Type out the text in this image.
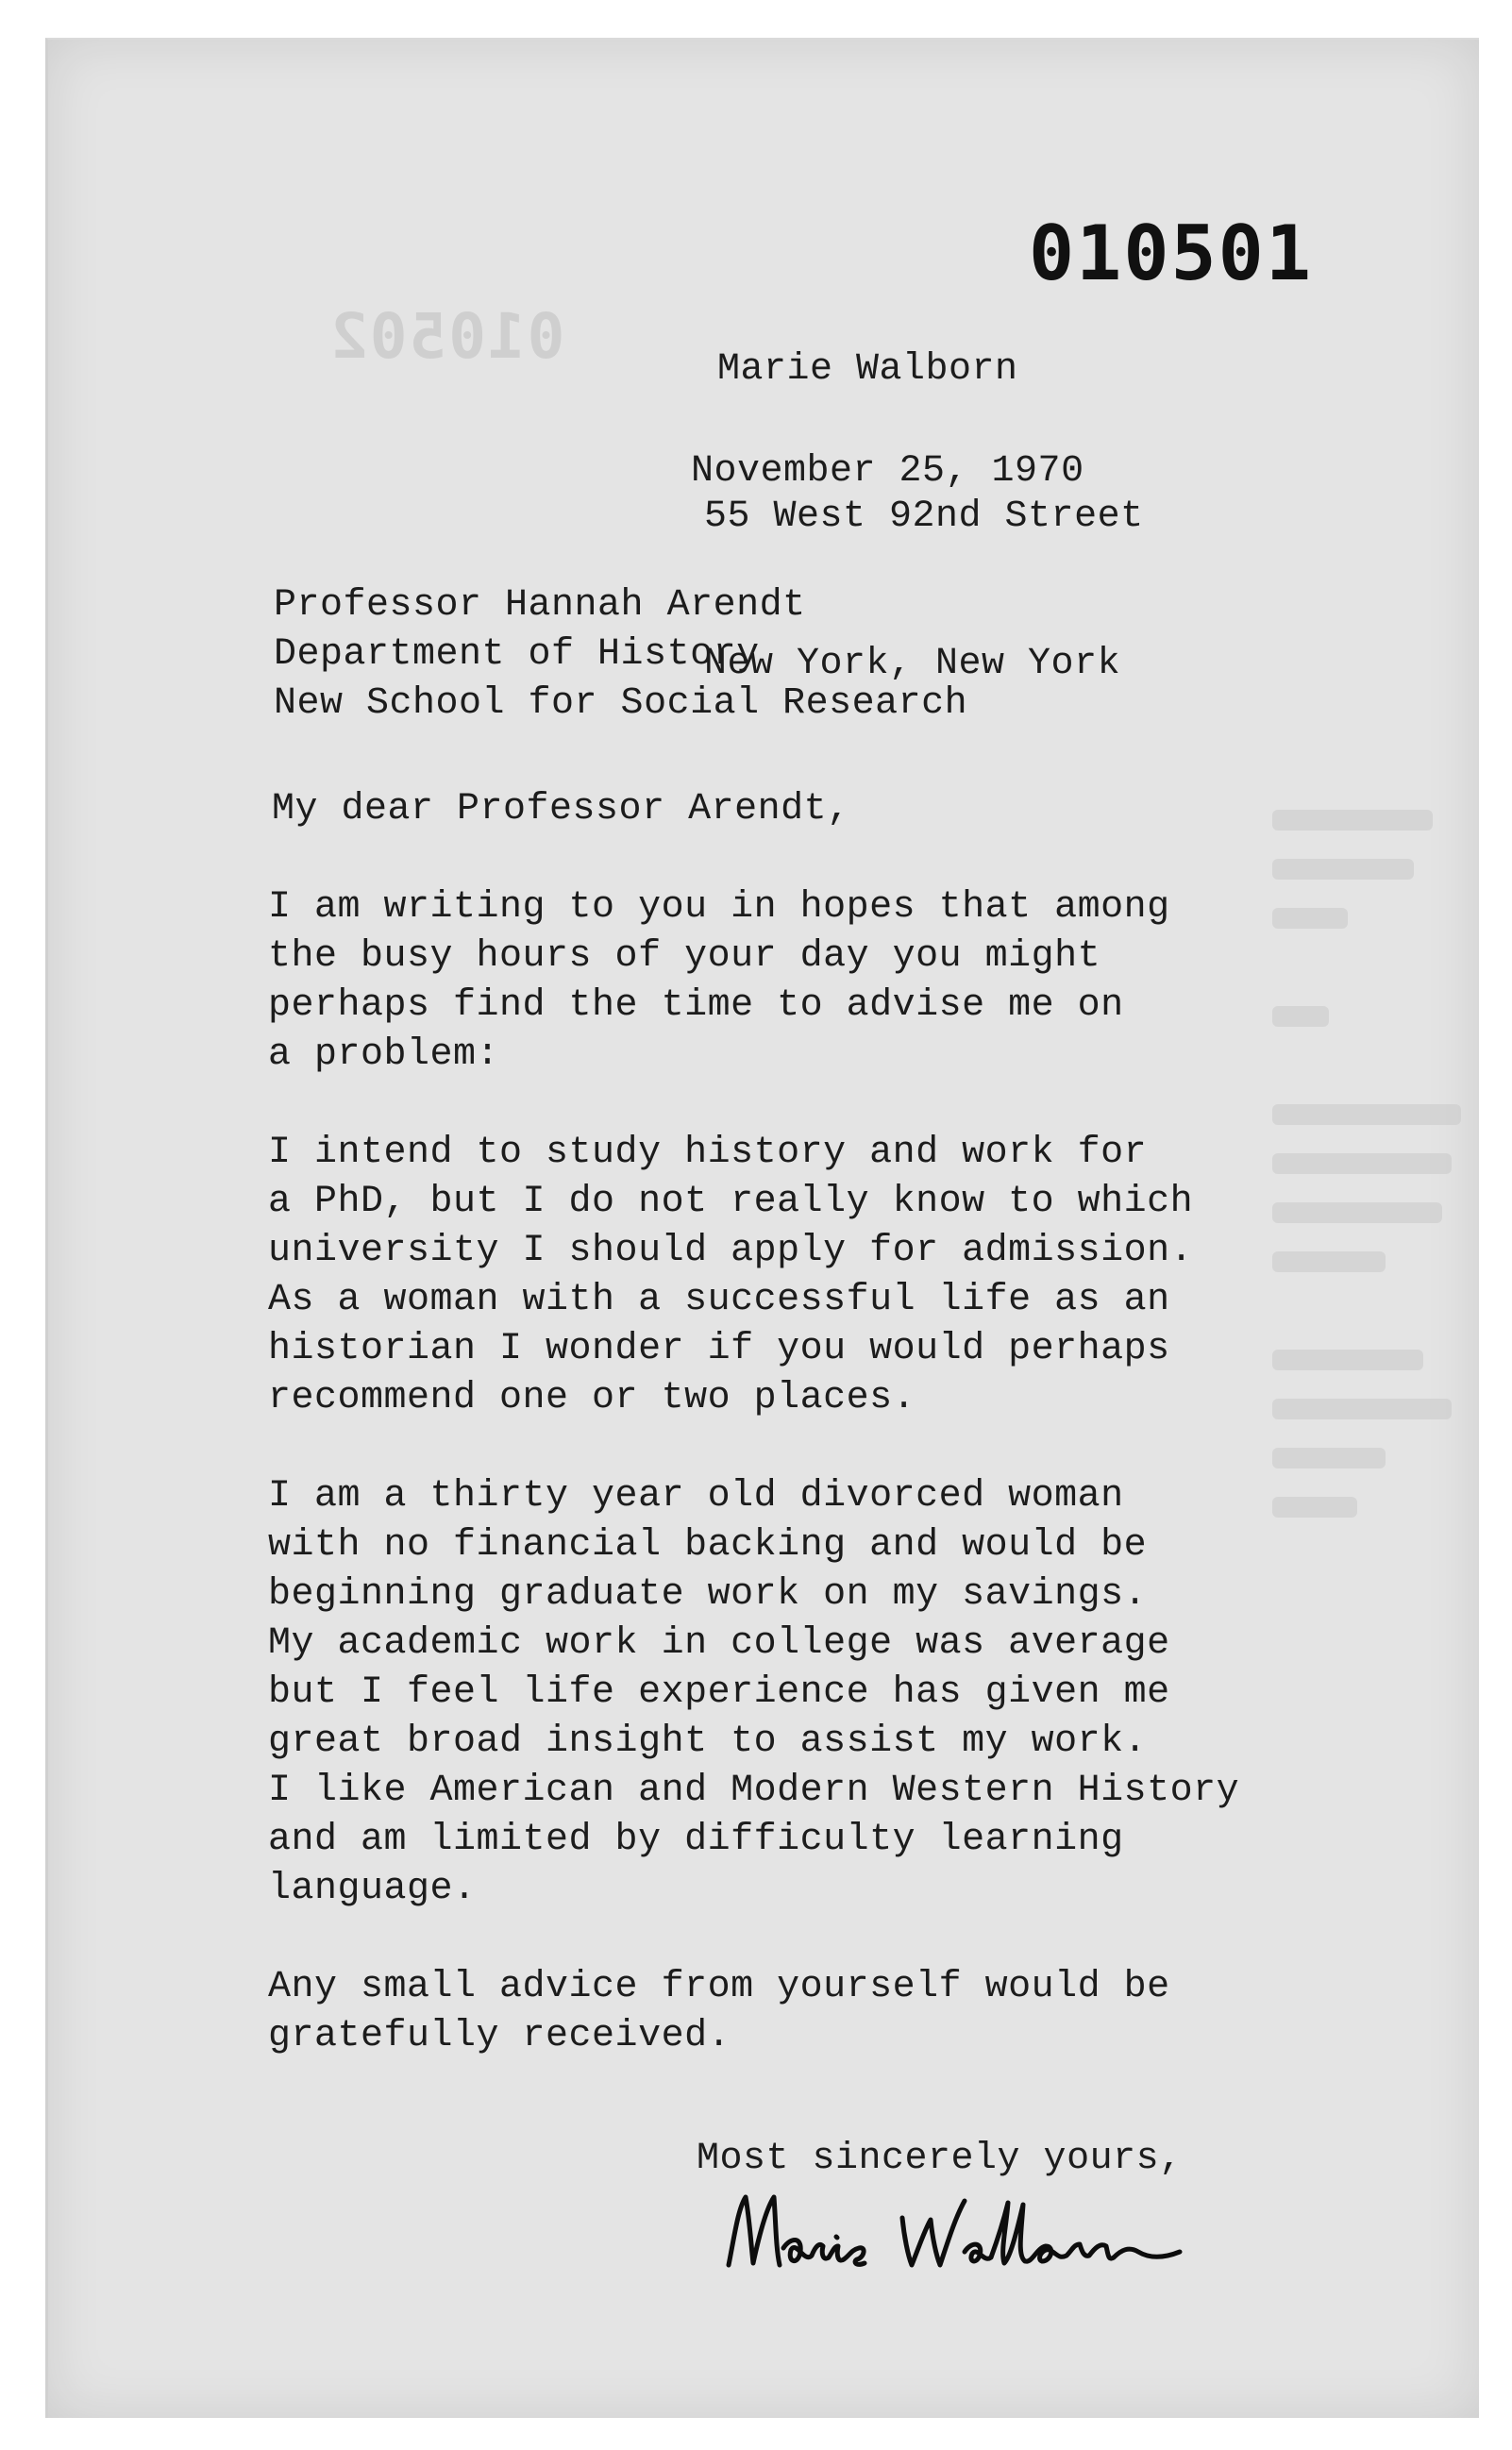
010502
010501

Marie Walborn

55 West 92nd Street

New York, New York

November 25, 1970
Professor Hannah Arendt
Department of History
New School for Social Research
My dear Professor Arendt,
I am writing to you in hopes that among
the busy hours of your day you might
perhaps find the time to advise me on
a problem:
I intend to study history and work for
a PhD, but I do not really know to which
university I should apply for admission.
As a woman with a successful life as an
historian I wonder if you would perhaps
recommend one or two places.
I am a thirty year old divorced woman
with no financial backing and would be
beginning graduate work on my savings.
My academic work in college was average
but I feel life experience has given me
great broad insight to assist my work.
I like American and Modern Western History
and am limited by difficulty learning
language.
Any small advice from yourself would be
gratefully received.
Most sincerely yours,
